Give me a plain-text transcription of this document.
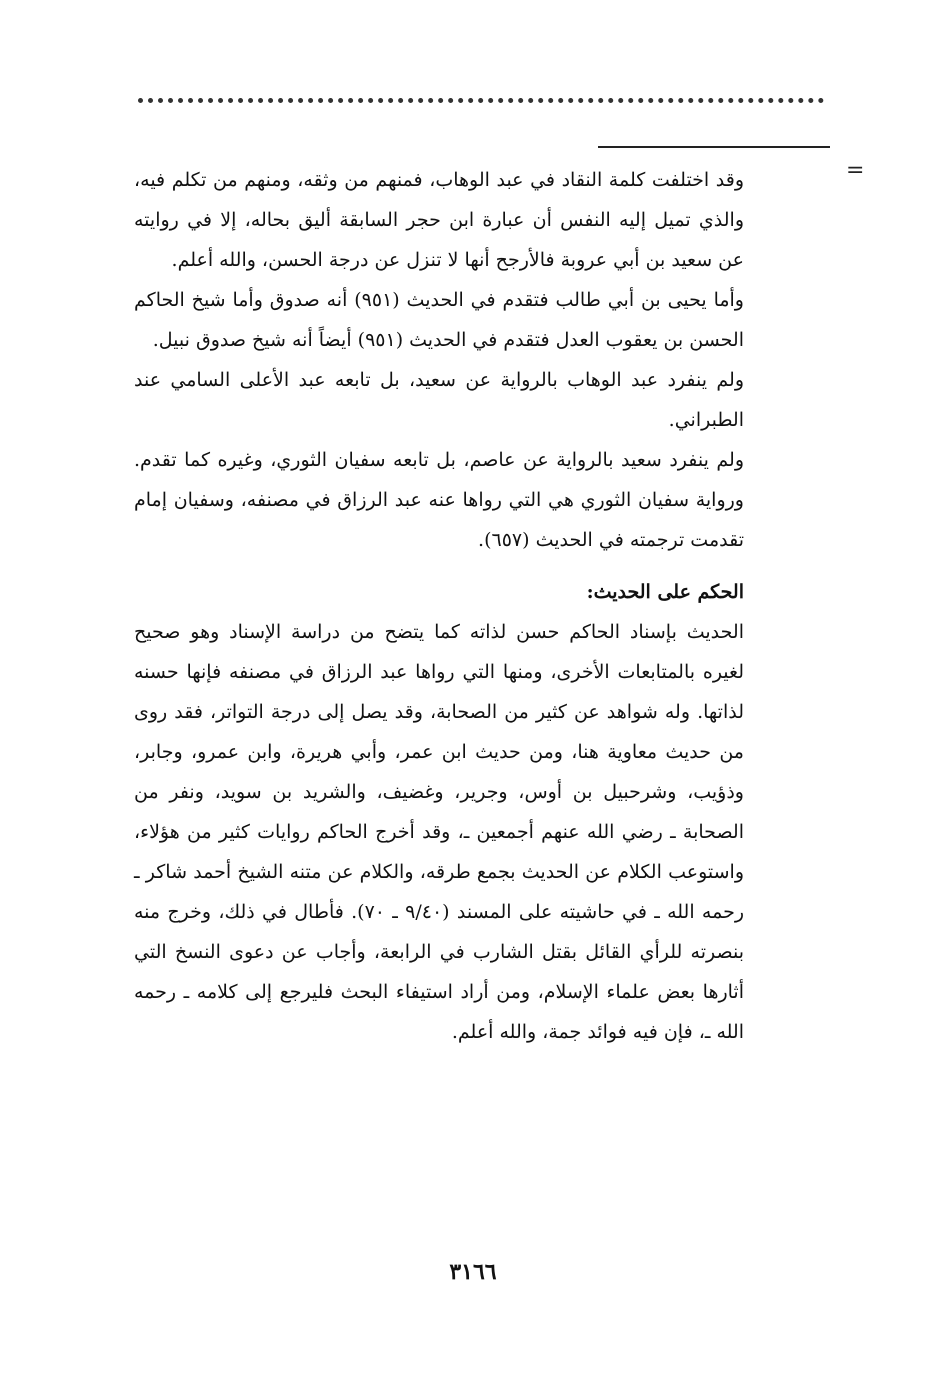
=

وقد اختلفت كلمة النقاد في عبد الوهاب، فمنهم من وثقه، ومنهم من تكلم فيه، والذي تميل إليه النفس أن عبارة ابن حجر السابقة أليق بحاله، إلا في روايته عن سعيد بن أبي عروبة فالأرجح أنها لا تنزل عن درجة الحسن، والله أعلم.

وأما يحيى بن أبي طالب فتقدم في الحديث (٩٥١) أنه صدوق وأما شيخ الحاكم الحسن بن يعقوب العدل فتقدم في الحديث (٩٥١) أيضاً أنه شيخ صدوق نبيل.

ولم ينفرد عبد الوهاب بالرواية عن سعيد، بل تابعه عبد الأعلى السامي عند الطبراني.

ولم ينفرد سعيد بالرواية عن عاصم، بل تابعه سفيان الثوري، وغيره كما تقدم. ورواية سفيان الثوري هي التي رواها عنه عبد الرزاق في مصنفه، وسفيان إمام تقدمت ترجمته في الحديث (٦٥٧).

الحكم على الحديث:

الحديث بإسناد الحاكم حسن لذاته كما يتضح من دراسة الإسناد وهو صحيح لغيره بالمتابعات الأخرى، ومنها التي رواها عبد الرزاق في مصنفه فإنها حسنه لذاتها. وله شواهد عن كثير من الصحابة، وقد يصل إلى درجة التواتر، فقد روى من حديث معاوية هنا، ومن حديث ابن عمر، وأبي هريرة، وابن عمرو، وجابر، وذؤيب، وشرحبيل بن أوس، وجرير، وغضيف، والشريد بن سويد، ونفر من الصحابة ـ رضي الله عنهم أجمعين ـ، وقد أخرج الحاكم روايات كثير من هؤلاء، واستوعب الكلام عن الحديث بجمع طرقه، والكلام عن متنه الشيخ أحمد شاكر ـ رحمه الله ـ في حاشيته على المسند (٩/٤٠ ـ ٧٠). فأطال في ذلك، وخرج منه بنصرته للرأي القائل بقتل الشارب في الرابعة، وأجاب عن دعوى النسخ التي أثارها بعض علماء الإسلام، ومن أراد استيفاء البحث فليرجع إلى كلامه ـ رحمه الله ـ، فإن فيه فوائد جمة، والله أعلم.

٣١٦٦
